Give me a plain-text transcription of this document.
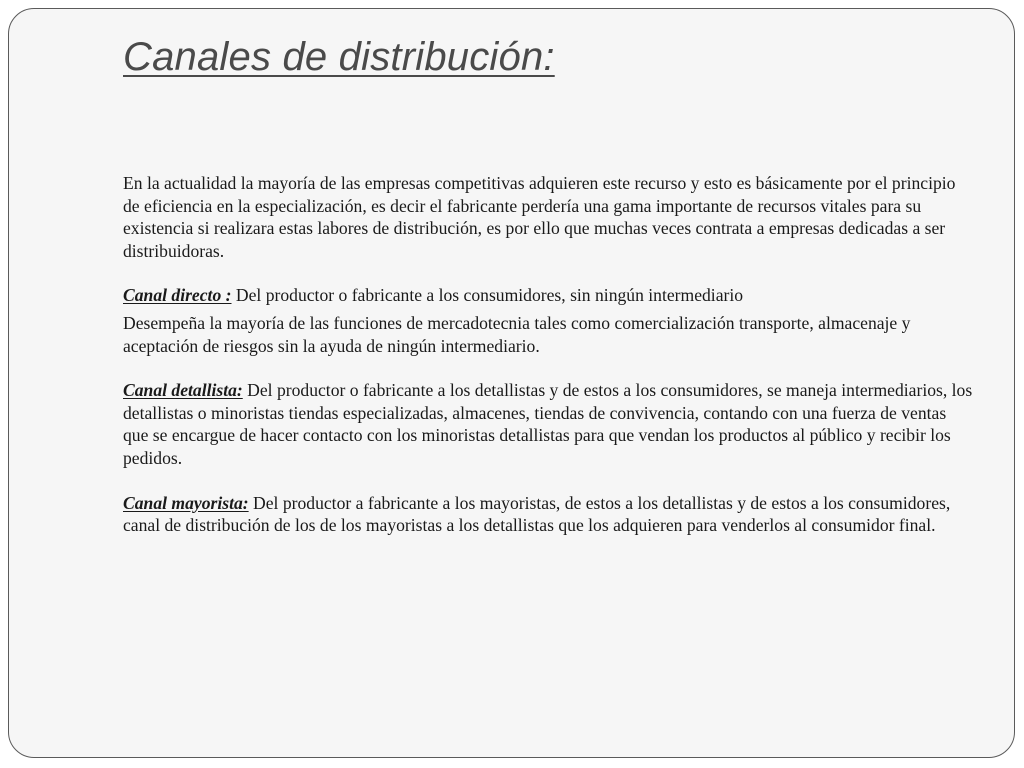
Canales de distribución:

En la actualidad la mayoría de las empresas competitivas adquieren este recurso y esto es básicamente por el principio de eficiencia en la especialización, es decir el fabricante perdería una gama importante de recursos vitales para su existencia si realizara estas labores de distribución, es por ello que muchas veces contrata a empresas dedicadas a ser distribuidoras.

Canal directo : Del productor o fabricante a los consumidores, sin ningún intermediario

Desempeña la mayoría de las funciones de mercadotecnia tales como comercialización transporte, almacenaje y aceptación de riesgos sin la ayuda de ningún intermediario.

Canal detallista: Del productor o fabricante a los detallistas y de estos a los consumidores, se maneja intermediarios, los detallistas o minoristas tiendas especializadas, almacenes, tiendas de convivencia, contando con una fuerza de ventas que se encargue de hacer contacto con los minoristas detallistas para que vendan los productos al público y recibir los pedidos.

Canal mayorista: Del productor a fabricante a los mayoristas, de estos a los detallistas y de estos a los consumidores, canal de distribución de los de los mayoristas a los detallistas que los adquieren para venderlos al consumidor final.
